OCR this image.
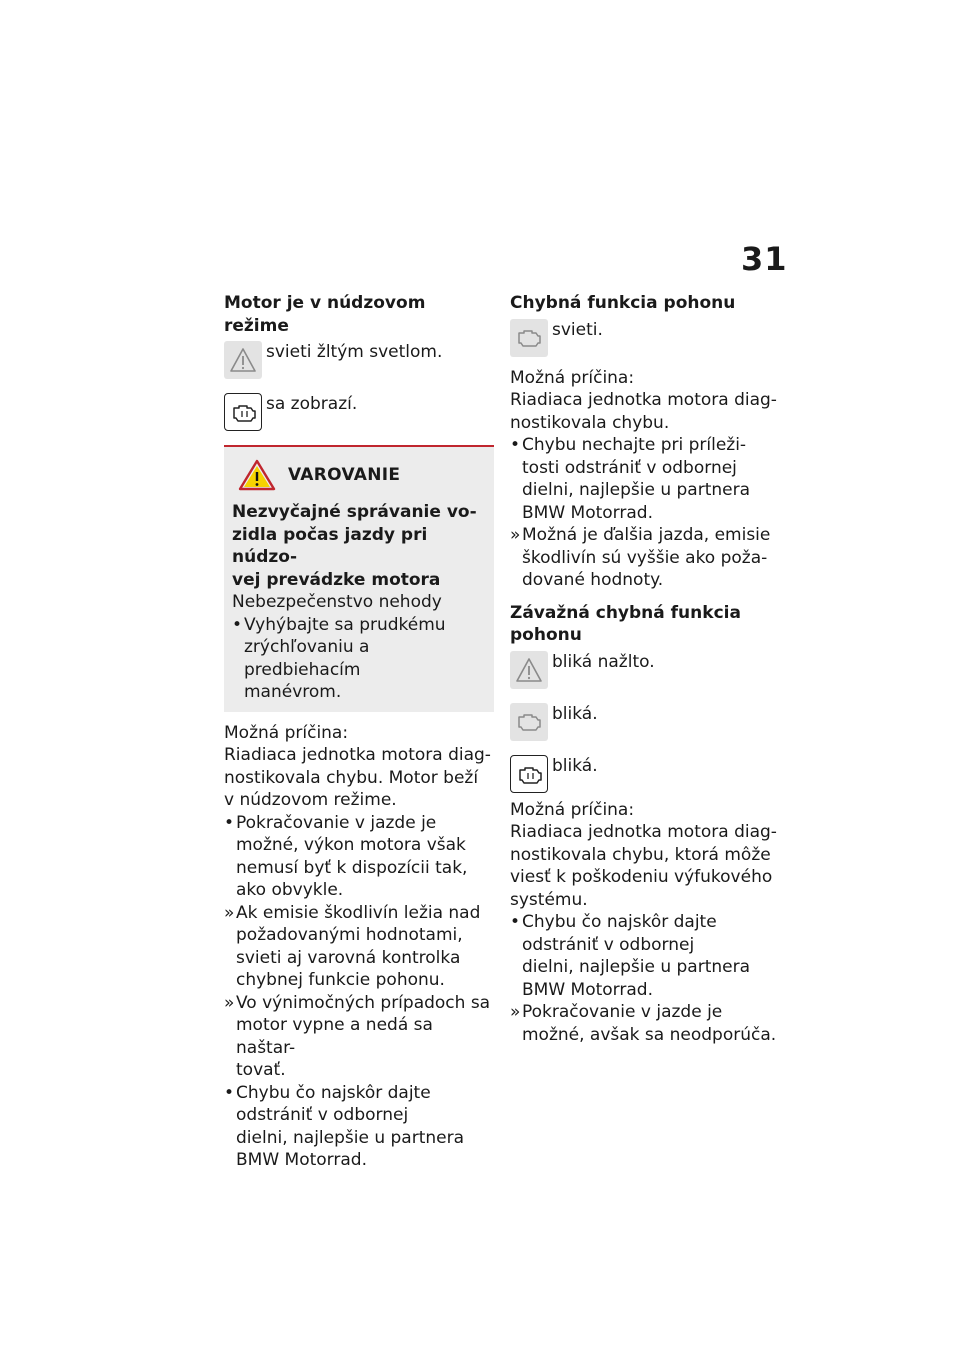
31
Motor je v núdzovom režime
svieti žltým svetlom.
sa zobrazí.
VAROVANIE
Nezvyčajné správanie vo-
zidla počas jazdy pri núdzo-
vej prevádzke motora
Nebezpečenstvo nehody
• Vyhýbajte sa prudkému
zrýchľovaniu a predbiehacím
manévrom.
Možná príčina:
Riadiaca jednotka motora diag-
nostikovala chybu. Motor beží
v núdzovom režime.
• Pokračovanie v jazde je
možné, výkon motora však
nemusí byť k dispozícii tak,
ako obvykle.
» Ak emisie škodlivín ležia nad
požadovanými hodnotami,
svieti aj varovná kontrolka
chybnej funkcie pohonu.
» Vo výnimočných prípadoch sa
motor vypne a nedá sa naštar-
tovať.
• Chybu čo najskôr dajte
odstrániť v odbornej
dielni, najlepšie u partnera
BMW Motorrad.
Chybná funkcia pohonu
svieti.
Možná príčina:
Riadiaca jednotka motora diag-
nostikovala chybu.
• Chybu nechajte pri príleži-
tosti odstrániť v odbornej
dielni, najlepšie u partnera
BMW Motorrad.
» Možná je ďalšia jazda, emisie
škodlivín sú vyššie ako poža-
dované hodnoty.
Závažná chybná funkcia
pohonu
bliká nažlto.
bliká.
bliká.
Možná príčina:
Riadiaca jednotka motora diag-
nostikovala chybu, ktorá môže
viesť k poškodeniu výfukového
systému.
• Chybu čo najskôr dajte
odstrániť v odbornej
dielni, najlepšie u partnera
BMW Motorrad.
» Pokračovanie v jazde je
možné, avšak sa neodporúča.
